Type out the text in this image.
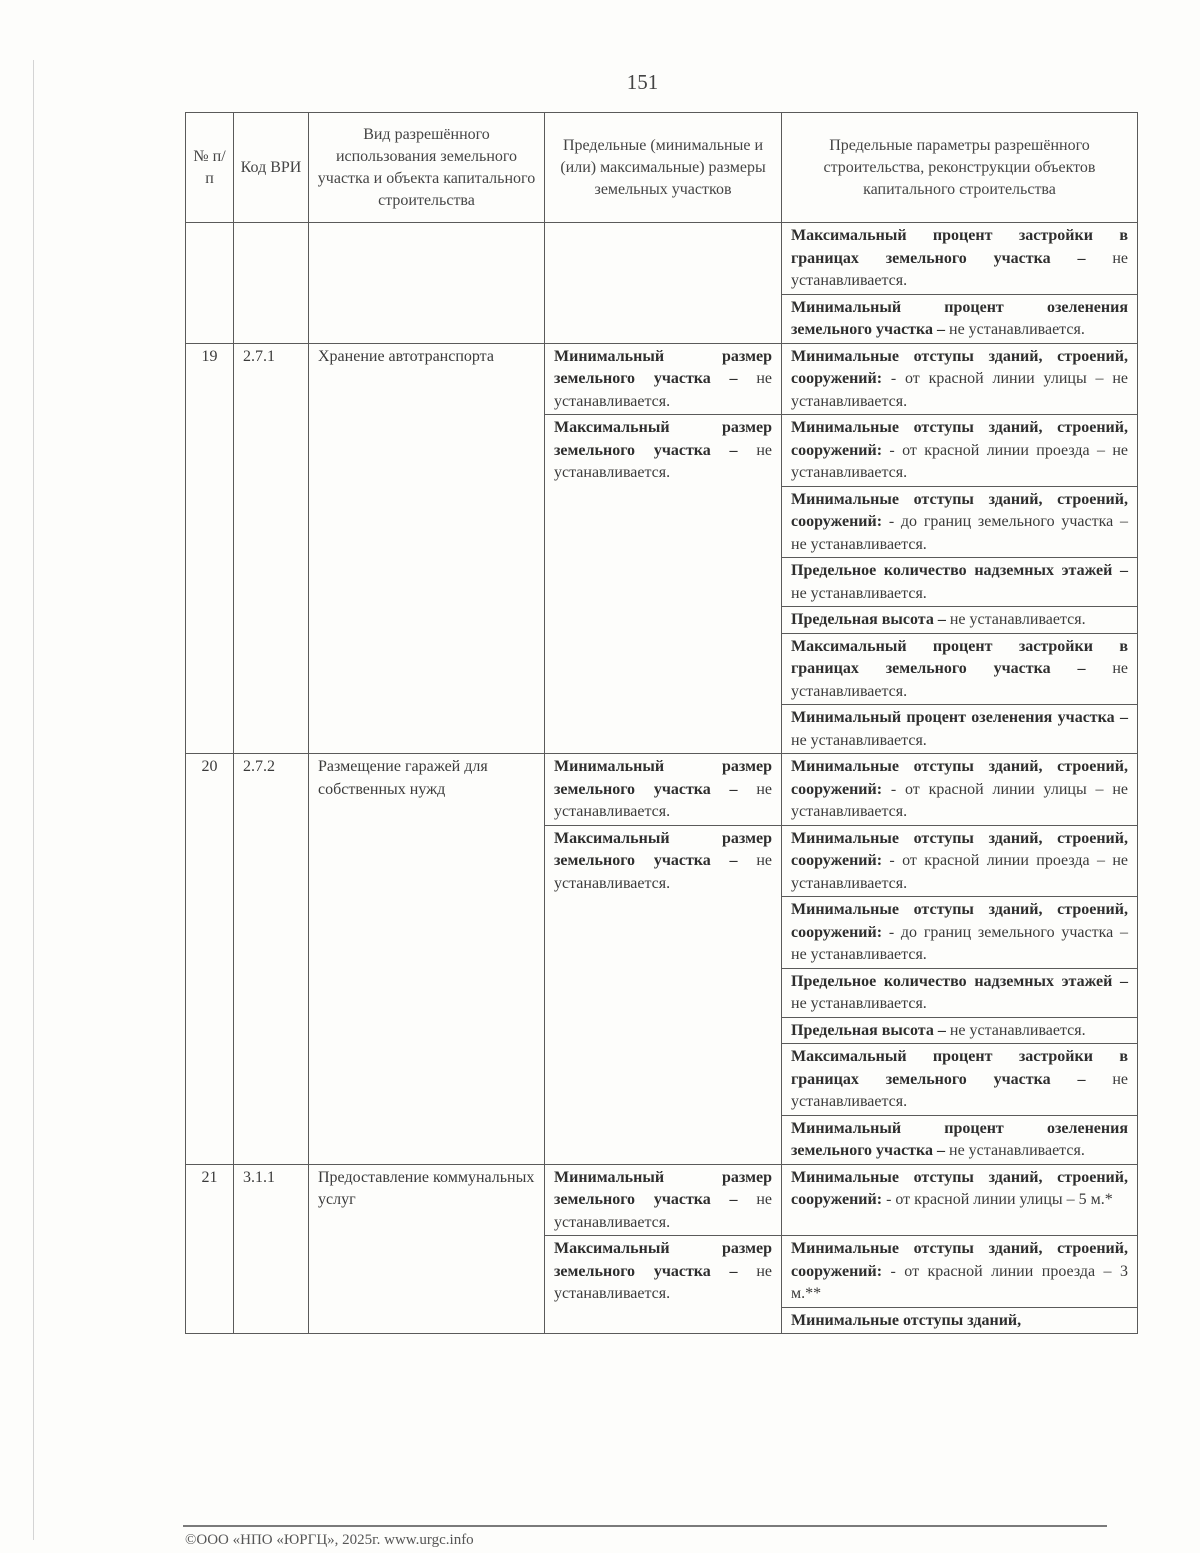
151
№ п/п	Код ВРИ	Вид разрешённого использования земельного участка и объекта капитального строительства	Предельные (минимальные и (или) максимальные) размеры земельных участков	Предельные параметры разрешённого строительства, реконструкции объектов капитального строительства
				Максимальный процент застройки в границах земельного участка – не устанавливается.
				Минимальный процент озеленения земельного участка – не устанавливается.
19	2.7.1	Хранение автотранспорта	Минимальный размер земельного участка – не устанавливается.	Минимальные отступы зданий, строений, сооружений: - от красной линии улицы – не устанавливается.
			Максимальный размер земельного участка – не устанавливается.	Минимальные отступы зданий, строений, сооружений: - от красной линии проезда – не устанавливается.
				Минимальные отступы зданий, строений, сооружений: - до границ земельного участка – не устанавливается.
				Предельное количество надземных этажей – не устанавливается.
				Предельная высота – не устанавливается.
				Максимальный процент застройки в границах земельного участка – не устанавливается.
				Минимальный процент озеленения участка – не устанавливается.

20	2.7.2	Размещение гаражей для собственных нужд	Минимальный размер земельного участка – не устанавливается.	Минимальные отступы зданий, строений, сооружений: - от красной линии улицы – не устанавливается.
			Максимальный размер земельного участка – не устанавливается.	Минимальные отступы зданий, строений, сооружений: - от красной линии проезда – не устанавливается.
				Минимальные отступы зданий, строений, сооружений: - до границ земельного участка – не устанавливается.
				Предельное количество надземных этажей – не устанавливается.
				Предельная высота – не устанавливается.
				Максимальный процент застройки в границах земельного участка – не устанавливается.
				Минимальный процент озеленения земельного участка – не устанавливается.
21	3.1.1	Предоставление коммунальных услуг	Минимальный размер земельного участка – не устанавливается.	Минимальные отступы зданий, строений, сооружений: - от красной линии улицы – 5 м.*
			Максимальный размер земельного участка – не устанавливается.	Минимальные отступы зданий, строений, сооружений: - от красной линии проезда – 3 м.**
				Минимальные отступы зданий,
©ООО «НПО «ЮРГЦ», 2025г. www.urgc.info
